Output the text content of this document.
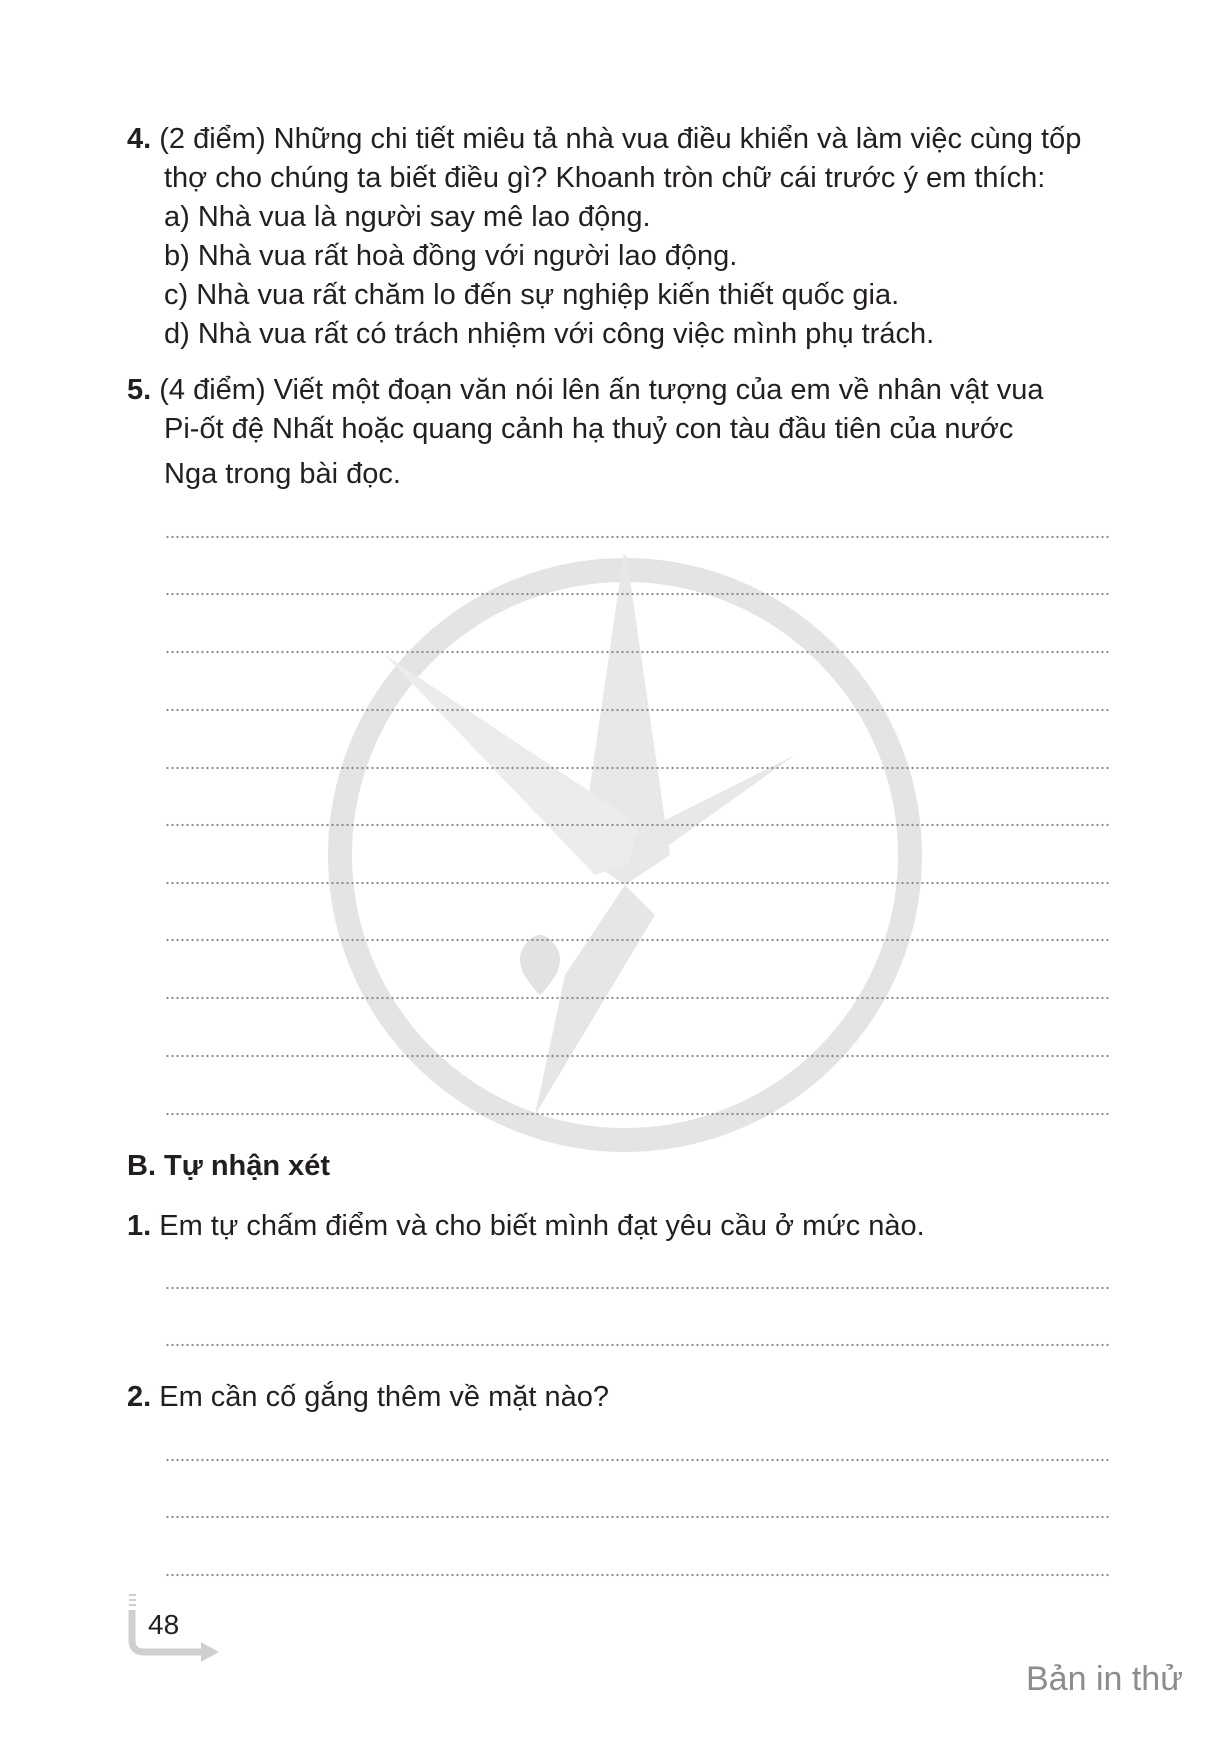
4. (2 điểm) Những chi tiết miêu tả nhà vua điều khiển và làm việc cùng tốp
thợ cho chúng ta biết điều gì? Khoanh tròn chữ cái trước ý em thích:
a) Nhà vua là người say mê lao động.
b) Nhà vua rất hoà đồng với người lao động.
c) Nhà vua rất chăm lo đến sự nghiệp kiến thiết quốc gia.
d) Nhà vua rất có trách nhiệm với công việc mình phụ trách.
5. (4 điểm) Viết một đoạn văn nói lên ấn tượng của em về nhân vật vua
Pi-ốt đệ Nhất hoặc quang cảnh hạ thuỷ con tàu đầu tiên của nước
Nga trong bài đọc.
B. Tự nhận xét
1. Em tự chấm điểm và cho biết mình đạt yêu cầu ở mức nào.
2. Em cần cố gắng thêm về mặt nào?
48
Bản in thử
